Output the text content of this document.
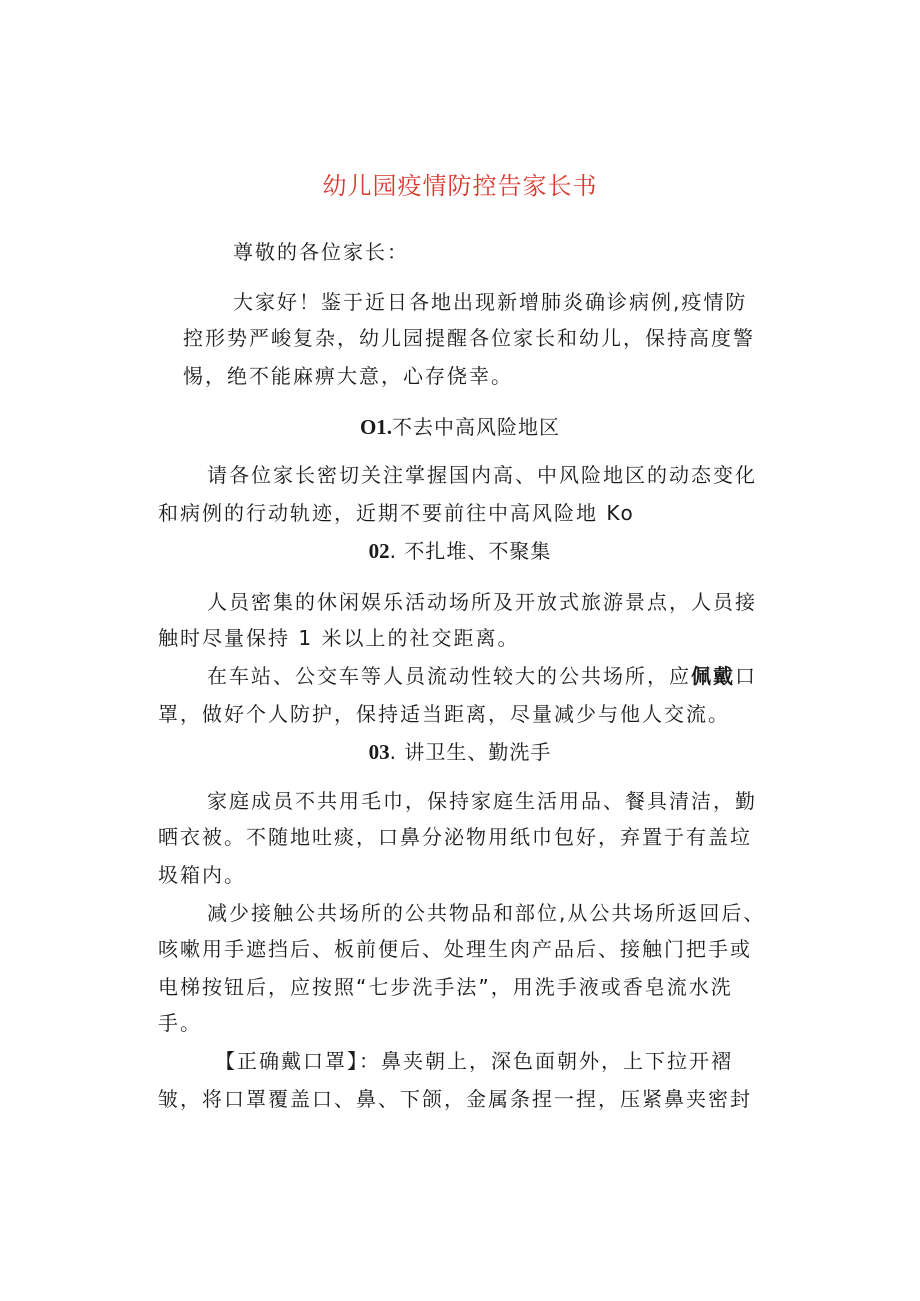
幼儿园疫情防控告家长书
尊敬的各位家长：
大家好！鉴于近日各地出现新增肺炎确诊病例,疫情防
控形势严峻复杂，幼儿园提醒各位家长和幼儿，保持高度警
惕，绝不能麻痹大意，心存侥幸。
O1.不去中高风险地区
请各位家长密切关注掌握国内高、中风险地区的动态变化
和病例的行动轨迹，近期不要前往中高风险地 Ko
02. 不扎堆、不聚集
人员密集的休闲娱乐活动场所及开放式旅游景点，人员接
触时尽量保持 1 米以上的社交距离。
在车站、公交车等人员流动性较大的公共场所，应佩戴口
罩，做好个人防护，保持适当距离，尽量减少与他人交流。
03. 讲卫生、勤洗手
家庭成员不共用毛巾，保持家庭生活用品、餐具清洁，勤
晒衣被。不随地吐痰，口鼻分泌物用纸巾包好，弃置于有盖垃
圾箱内。
减少接触公共场所的公共物品和部位,从公共场所返回后、
咳嗽用手遮挡后、板前便后、处理生肉产品后、接触门把手或
电梯按钮后，应按照“七步洗手法”，用洗手液或香皂流水洗
手。
【正确戴口罩】：鼻夹朝上，深色面朝外，上下拉开褶
皱，将口罩覆盖口、鼻、下颌，金属条捏一捏，压紧鼻夹密封
